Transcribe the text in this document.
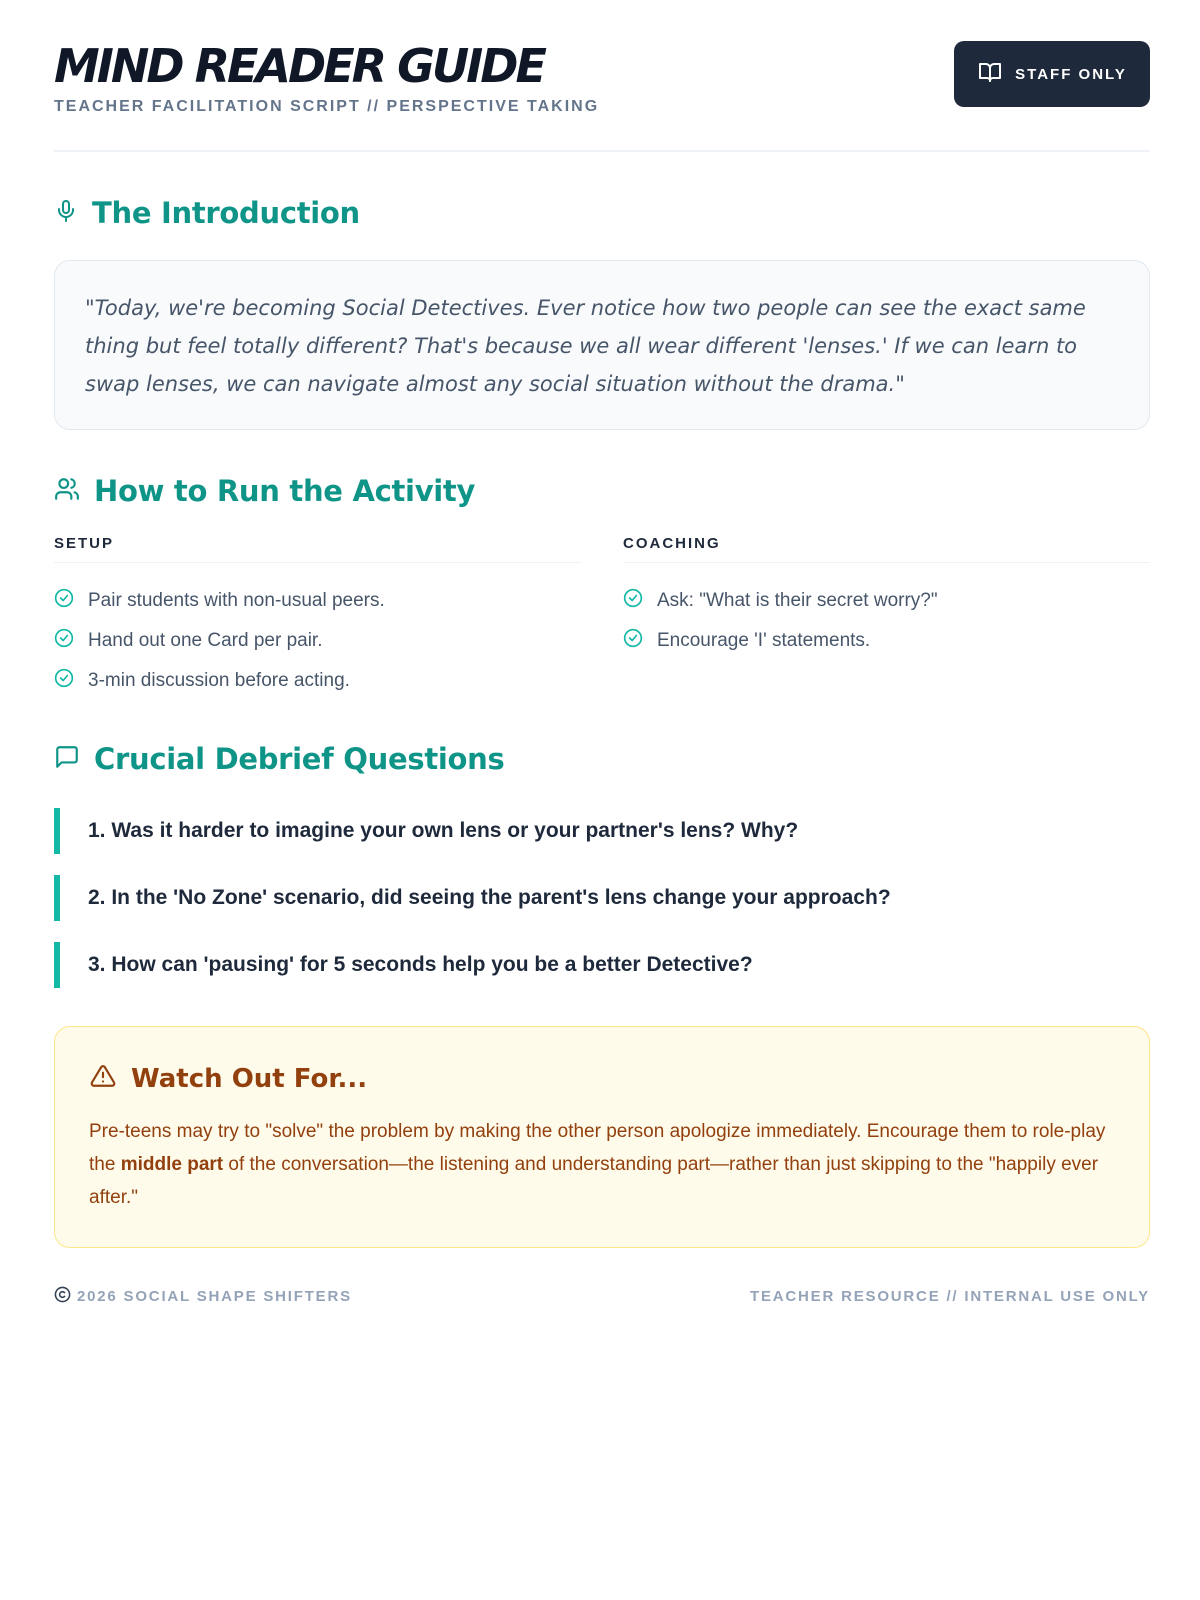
MIND READER GUIDE
TEACHER FACILITATION SCRIPT // PERSPECTIVE TAKING
STAFF ONLY
The Introduction

"Today, we're becoming Social Detectives. Ever notice how two people can see the exact same thing but feel totally different? That's because we all wear different 'lenses.' If we can learn to swap lenses, we can navigate almost any social situation without the drama."

How to Run the Activity
SETUP
Pair students with non-usual peers.
Hand out one Card per pair.
3-min discussion before acting.
COACHING
Ask: "What is their secret worry?"
Encourage 'I' statements.
Crucial Debrief Questions
1. Was it harder to imagine your own lens or your partner's lens? Why?
2. In the 'No Zone' scenario, did seeing the parent's lens change your approach?
3. How can 'pausing' for 5 seconds help you be a better Detective?
Watch Out For...

Pre-teens may try to "solve" the problem by making the other person apologize immediately. Encourage them to role-play the middle part of the conversation—the listening and understanding part—rather than just skipping to the "happily ever after."

2026 SOCIAL SHAPE SHIFTERS	TEACHER RESOURCE // INTERNAL USE ONLY
